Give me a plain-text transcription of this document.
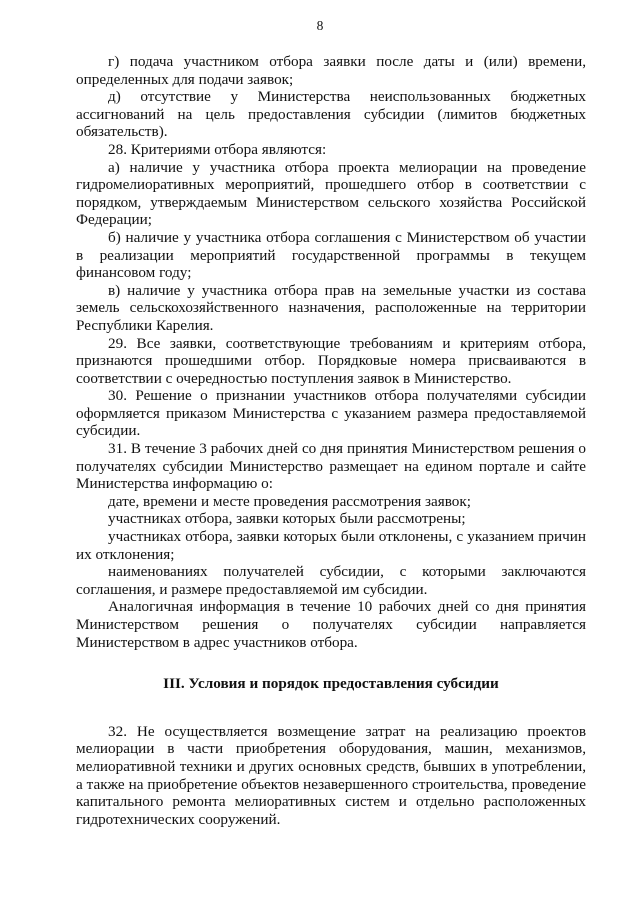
8

г) подача участником отбора заявки после даты и (или) времени, определенных для подачи заявок;

д) отсутствие у Министерства неиспользованных бюджетных ассигнований на цель предоставления субсидии (лимитов бюджетных обязательств).

28. Критериями отбора являются:

а) наличие у участника отбора проекта мелиорации на проведение гидромелиоративных мероприятий, прошедшего отбор в соответствии с порядком, утверждаемым Министерством сельского хозяйства Российской Федерации;

б) наличие у участника отбора соглашения с Министерством об участии в реализации мероприятий государственной программы в текущем финансовом году;

в) наличие у участника отбора прав на земельные участки из состава земель сельскохозяйственного назначения, расположенные на территории Республики Карелия.

29. Все заявки, соответствующие требованиям и критериям отбора, признаются прошедшими отбор. Порядковые номера присваиваются в соответствии с очередностью поступления заявок в Министерство.

30. Решение о признании участников отбора получателями субсидии оформляется приказом Министерства с указанием размера предоставляемой субсидии.

31. В течение 3 рабочих дней со дня принятия Министерством решения о получателях субсидии Министерство размещает на едином портале и сайте Министерства информацию о:

дате, времени и месте проведения рассмотрения заявок;

участниках отбора, заявки которых были рассмотрены;

участниках отбора, заявки которых были отклонены, с указанием причин их отклонения;

наименованиях получателей субсидии, с которыми заключаются соглашения, и размере предоставляемой им субсидии.

Аналогичная информация в течение 10 рабочих дней со дня принятия Министерством решения о получателях субсидии направляется Министерством в адрес участников отбора.

III. Условия и порядок предоставления субсидии

32. Не осуществляется возмещение затрат на реализацию проектов мелиорации в части приобретения оборудования, машин, механизмов, мелиоративной техники и других основных средств, бывших в употреблении, а также на приобретение объектов незавершенного строительства, проведение капитального ремонта мелиоративных систем и отдельно расположенных гидротехнических сооружений.
